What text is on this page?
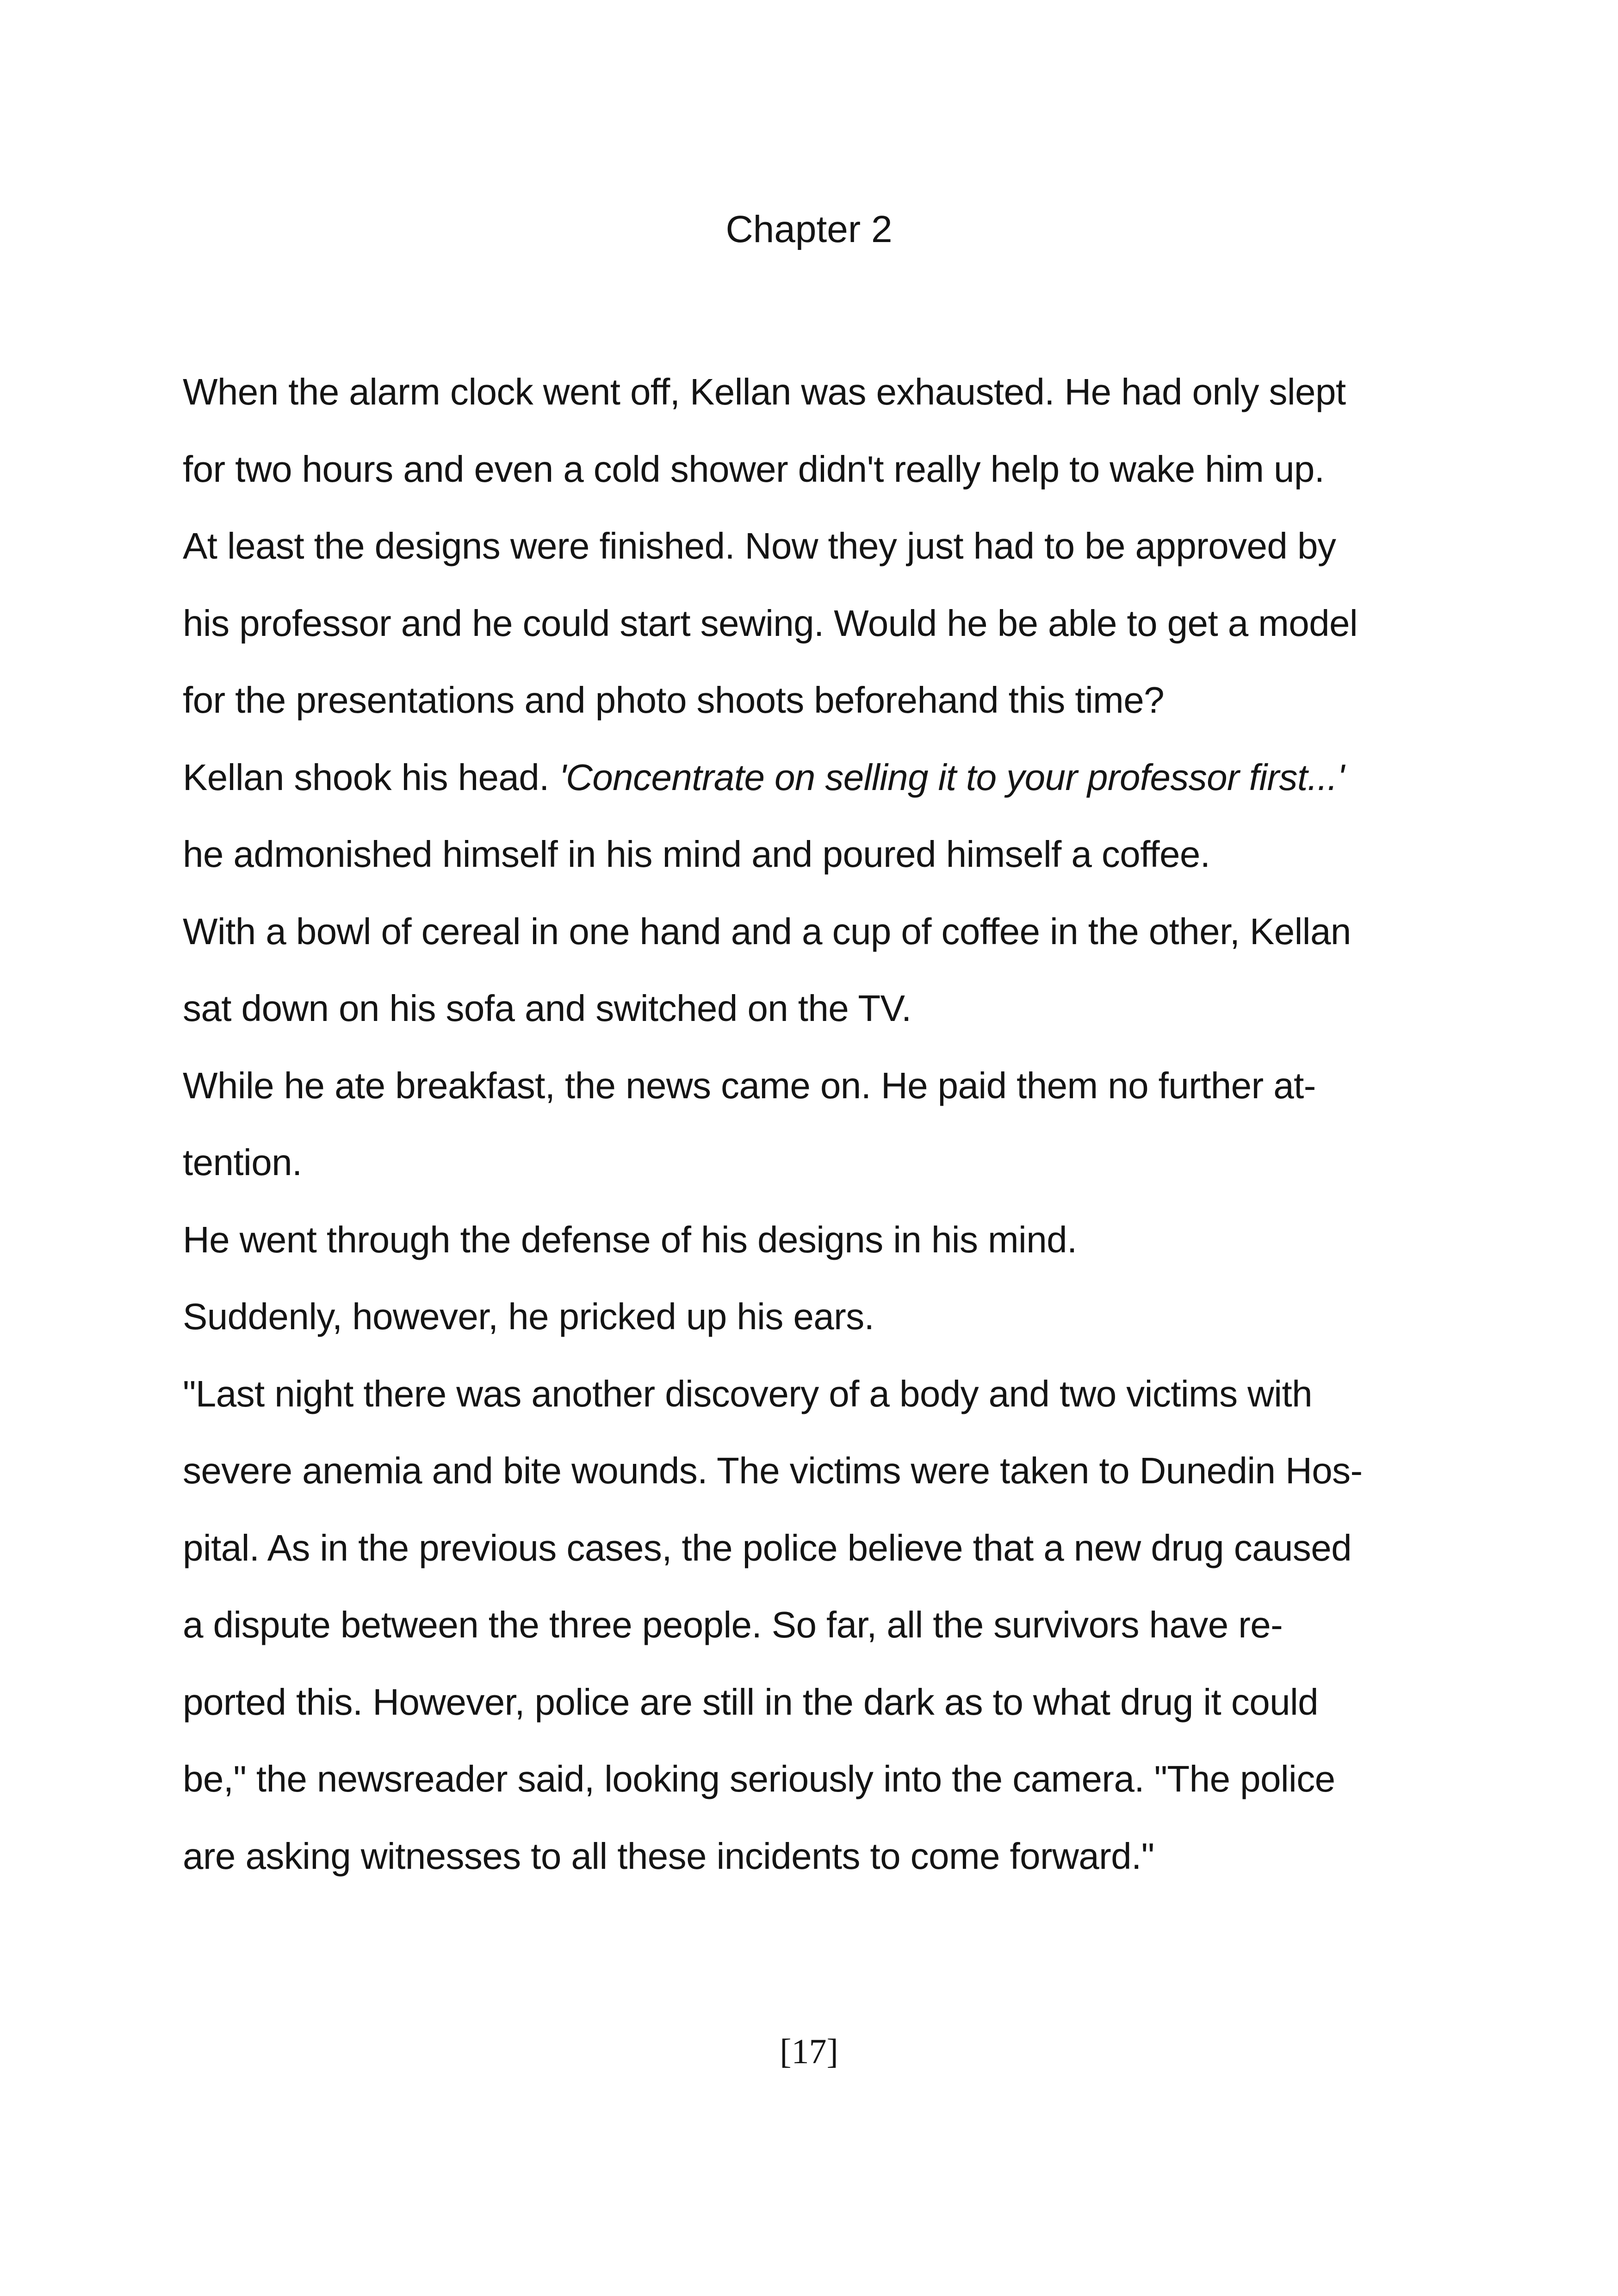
Chapter 2
When the alarm clock went off, Kellan was exhausted. He had only slept
for two hours and even a cold shower didn't really help to wake him up.
At least the designs were finished. Now they just had to be approved by
his professor and he could start sewing. Would he be able to get a model
for the presentations and photo shoots beforehand this time?
Kellan shook his head. 'Concentrate on selling it to your professor first...'
he admonished himself in his mind and poured himself a coffee.
With a bowl of cereal in one hand and a cup of coffee in the other, Kellan
sat down on his sofa and switched on the TV.
While he ate breakfast, the news came on. He paid them no further at-
tention.
He went through the defense of his designs in his mind.
Suddenly, however, he pricked up his ears.
"Last night there was another discovery of a body and two victims with
severe anemia and bite wounds. The victims were taken to Dunedin Hos-
pital. As in the previous cases, the police believe that a new drug caused
a dispute between the three people. So far, all the survivors have re-
ported this. However, police are still in the dark as to what drug it could
be," the newsreader said, looking seriously into the camera. "The police
are asking witnesses to all these incidents to come forward."
[17]
